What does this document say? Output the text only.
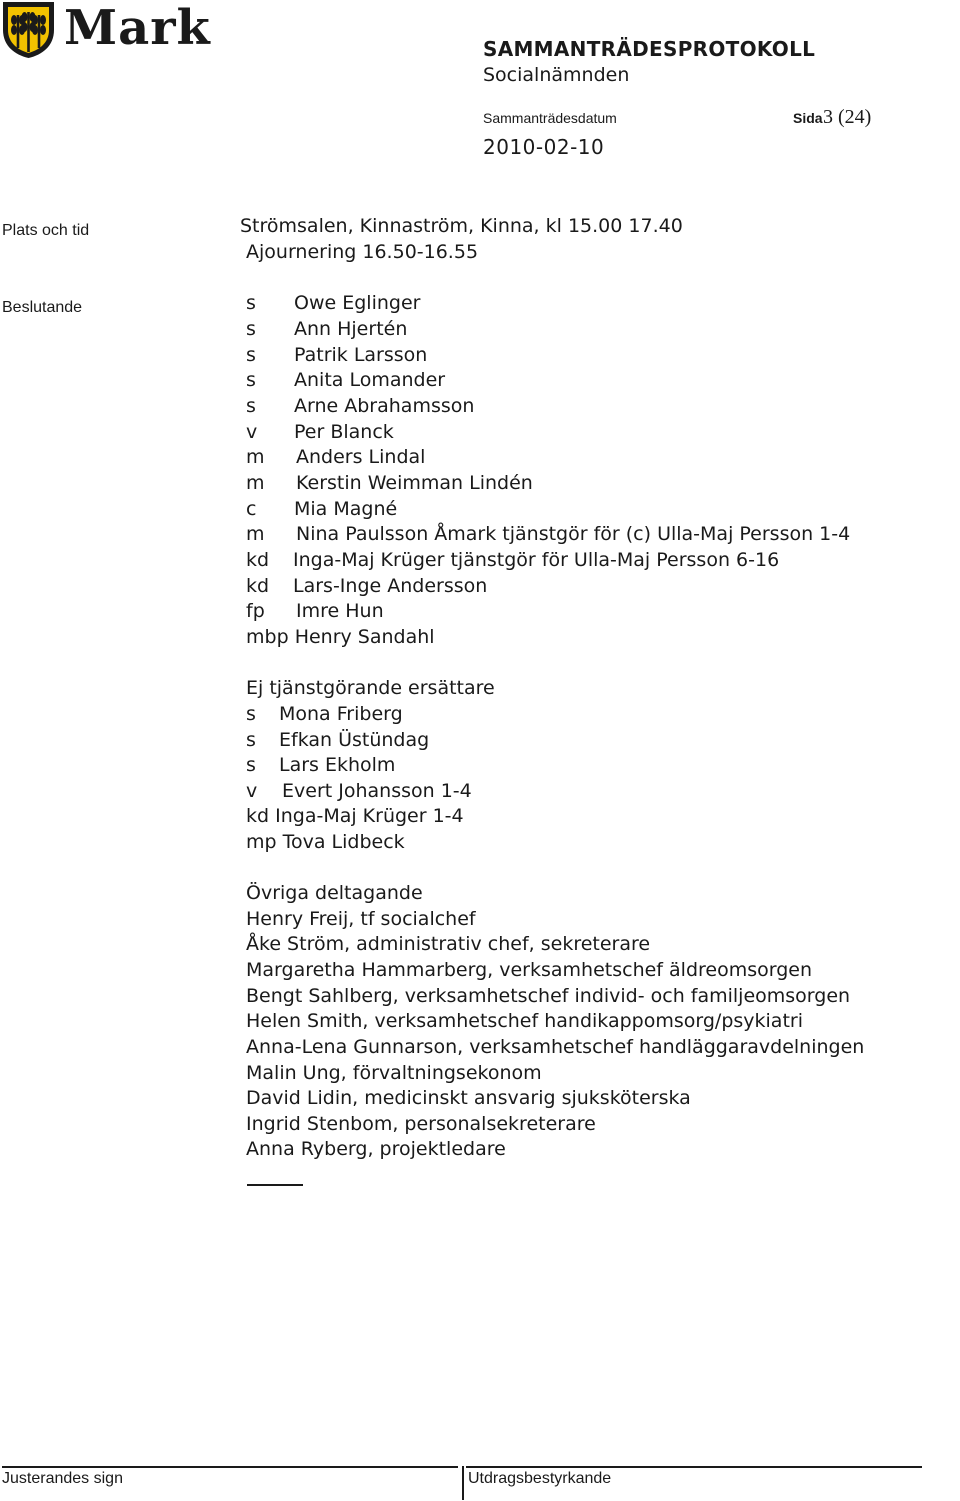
Mark	SAMMANTRÄDESPROTOKOLL
Socialnämnden
Sammanträdesdatum	Sida 3 (24)
2010-02-10
Plats och tid	Strömsalen, Kinnaström, Kinna, kl 15.00 17.40
Ajournering 16.50-16.55
Beslutande	s Owe Eglinger
s Ann Hjertén
s Patrik Larsson
s Anita Lomander
s Arne Abrahamsson
v Per Blanck
m Anders Lindal
m Kerstin Weimman Lindén
c Mia Magné
m Nina Paulsson Åmark tjänstgör för (c) Ulla-Maj Persson 1-4
kd Inga-Maj Krüger tjänstgör för Ulla-Maj Persson 6-16
kd Lars-Inge Andersson
fp Imre Hun
mbp Henry Sandahl
Ej tjänstgörande ersättare
s Mona Friberg
s Efkan Üstündag
s Lars Ekholm
v Evert Johansson 1-4
kd Inga-Maj Krüger 1-4
mp Tova Lidbeck
Övriga deltagande
Henry Freij, tf socialchef
Åke Ström, administrativ chef, sekreterare
Margaretha Hammarberg, verksamhetschef äldreomsorgen
Bengt Sahlberg, verksamhetschef individ- och familjeomsorgen
Helen Smith, verksamhetschef handikappomsorg/psykiatri
Anna-Lena Gunnarson, verksamhetschef handläggaravdelningen
Malin Ung, förvaltningsekonom
David Lidin, medicinskt ansvarig sjuksköterska
Ingrid Stenbom, personalsekreterare
Anna Ryberg, projektledare
Justerandes sign	Utdragsbestyrkande
